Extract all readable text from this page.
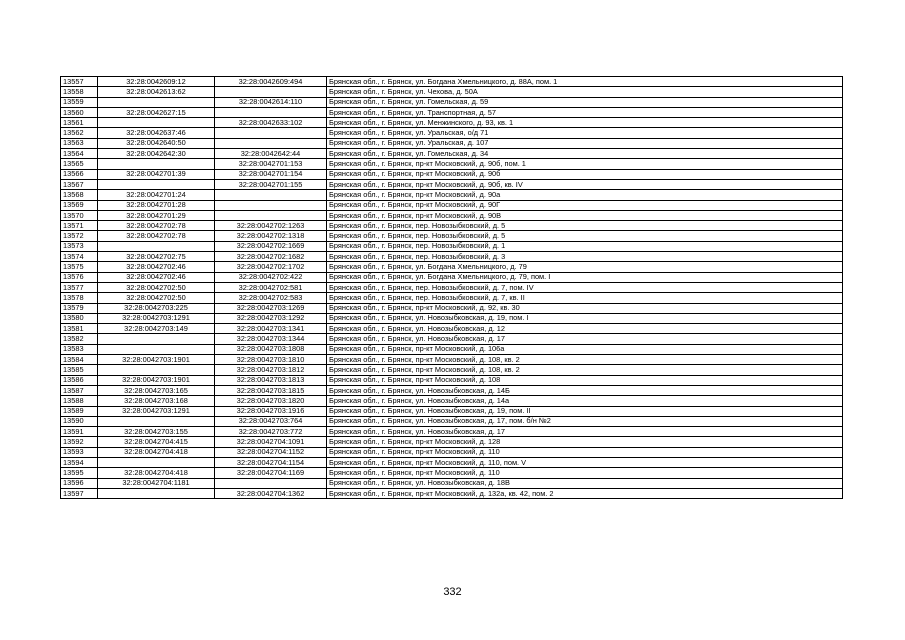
13557	32:28:0042609:12	32:28:0042609:494	Брянская обл., г. Брянск, ул. Богдана Хмельницкого, д. 88А, пом. 1
13558	32:28:0042613:62		Брянская обл., г. Брянск, ул. Чехова, д. 50А
13559		32:28:0042614:110	Брянская обл., г. Брянск, ул. Гомельская, д. 59
13560	32:28:0042627:15		Брянская обл., г. Брянск, ул. Транспортная, д. 57
13561		32:28:0042633:102	Брянская обл., г. Брянск, ул. Менжинского, д. 93, кв. 1
13562	32:28:0042637:46		Брянская обл., г. Брянск, ул. Уральская, о/д 71
13563	32:28:0042640:50		Брянская обл., г. Брянск, ул. Уральская, д. 107
13564	32:28:0042642:30	32:28:0042642:44	Брянская обл., г. Брянск, ул. Гомельская, д. 34
13565		32:28:0042701:153	Брянская обл., г. Брянск, пр-кт Московский, д. 90б, пом. 1
13566	32:28:0042701:39	32:28:0042701:154	Брянская обл., г. Брянск, пр-кт Московский, д. 90б
13567		32:28:0042701:155	Брянская обл., г. Брянск, пр-кт Московский, д. 90б, кв. IV
13568	32:28:0042701:24		Брянская обл., г. Брянск, пр-кт Московский, д. 90а
13569	32:28:0042701:28		Брянская обл., г. Брянск, пр-кт Московский, д. 90Г
13570	32:28:0042701:29		Брянская обл., г. Брянск, пр-кт Московский, д. 90В
13571	32:28:0042702:78	32:28:0042702:1263	Брянская обл., г. Брянск, пер. Новозыбковский, д. 5
13572	32:28:0042702:78	32:28:0042702:1318	Брянская обл., г. Брянск, пер. Новозыбковский, д. 5
13573		32:28:0042702:1669	Брянская обл., г. Брянск, пер. Новозыбковский, д. 1
13574	32:28:0042702:75	32:28:0042702:1682	Брянская обл., г. Брянск, пер. Новозыбковский, д. 3
13575	32:28:0042702:46	32:28:0042702:1702	Брянская обл., г. Брянск, ул. Богдана Хмельницкого, д. 79
13576	32:28:0042702:46	32:28:0042702:422	Брянская обл., г. Брянск, ул. Богдана Хмельницкого, д. 79, пом. I
13577	32:28:0042702:50	32:28:0042702:581	Брянская обл., г. Брянск, пер. Новозыбковский, д. 7, пом. IV
13578	32:28:0042702:50	32:28:0042702:583	Брянская обл., г. Брянск, пер. Новозыбковский, д. 7, кв. II
13579	32:28:0042703:225	32:28:0042703:1269	Брянская обл., г. Брянск, пр-кт Московский, д. 92, кв. 30
13580	32:28:0042703:1291	32:28:0042703:1292	Брянская обл., г. Брянск, ул. Новозыбковская, д. 19, пом. I
13581	32:28:0042703:149	32:28:0042703:1341	Брянская обл., г. Брянск, ул. Новозыбковская, д. 12
13582		32:28:0042703:1344	Брянская обл., г. Брянск, ул. Новозыбковская, д. 17
13583		32:28:0042703:1808	Брянская обл., г. Брянск, пр-кт Московский, д. 106а
13584	32:28:0042703:1901	32:28:0042703:1810	Брянская обл., г. Брянск, пр-кт Московский, д. 108, кв. 2
13585		32:28:0042703:1812	Брянская обл., г. Брянск, пр-кт Московский, д. 108, кв. 2
13586	32:28:0042703:1901	32:28:0042703:1813	Брянская обл., г. Брянск, пр-кт Московский, д. 108
13587	32:28:0042703:165	32:28:0042703:1815	Брянская обл., г. Брянск, ул. Новозыбковская, д. 14Б
13588	32:28:0042703:168	32:28:0042703:1820	Брянская обл., г. Брянск, ул. Новозыбковская, д. 14а
13589	32:28:0042703:1291	32:28:0042703:1916	Брянская обл., г. Брянск, ул. Новозыбковская, д. 19, пом. II
13590		32:28:0042703:764	Брянская обл., г. Брянск, ул. Новозыбковская, д. 17, пом. б/н №2
13591	32:28:0042703:155	32:28:0042703:772	Брянская обл., г. Брянск, ул. Новозыбковская, д. 17
13592	32:28:0042704:415	32:28:0042704:1091	Брянская обл., г. Брянск, пр-кт Московский, д. 128
13593	32:28:0042704:418	32:28:0042704:1152	Брянская обл., г. Брянск, пр-кт Московский, д. 110
13594		32:28:0042704:1154	Брянская обл., г. Брянск, пр-кт Московский, д. 110, пом. V
13595	32:28:0042704:418	32:28:0042704:1169	Брянская обл., г. Брянск, пр-кт Московский, д. 110
13596	32:28:0042704:1181		Брянская обл., г. Брянск, ул. Новозыбковская, д. 18В
13597		32:28:0042704:1362	Брянская обл., г. Брянск, пр-кт Московский, д. 132а, кв. 42, пом. 2
332
